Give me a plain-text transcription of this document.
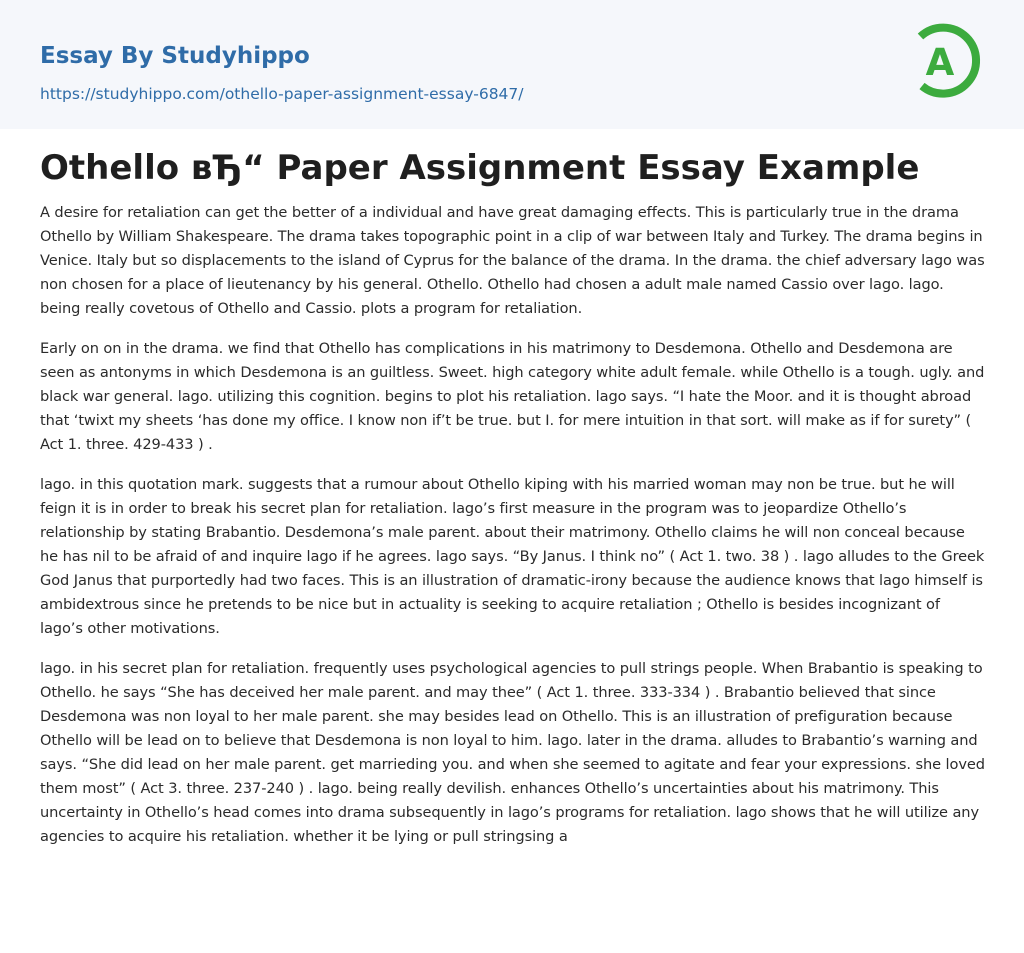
Essay By Studyhippo
https://studyhippo.com/othello-paper-assignment-essay-6847/
A
Othello вЂ“ Paper Assignment Essay Example

A desire for retaliation can get the better of a individual and have great damaging effects. This is particularly true in the drama Othello by William Shakespeare. The drama takes topographic point in a clip of war between Italy and Turkey. The drama begins in Venice. Italy but so displacements to the island of Cyprus for the balance of the drama. In the drama. the chief adversary lago was non chosen for a place of lieutenancy by his general. Othello. Othello had chosen a adult male named Cassio over lago. lago. being really covetous of Othello and Cassio. plots a program for retaliation.

Early on on in the drama. we find that Othello has complications in his matrimony to Desdemona. Othello and Desdemona are seen as antonyms in which Desdemona is an guiltless. Sweet. high category white adult female. while Othello is a tough. ugly. and black war general. lago. utilizing this cognition. begins to plot his retaliation. lago says. “I hate the Moor. and it is thought abroad that ‘twixt my sheets ‘has done my office. I know non if’t be true. but I. for mere intuition in that sort. will make as if for surety” ( Act 1. three. 429-433 ) .

lago. in this quotation mark. suggests that a rumour about Othello kiping with his married woman may non be true. but he will feign it is in order to break his secret plan for retaliation. lago’s first measure in the program was to jeopardize Othello’s relationship by stating Brabantio. Desdemona’s male parent. about their matrimony. Othello claims he will non conceal because he has nil to be afraid of and inquire lago if he agrees. lago says. “By Janus. I think no” ( Act 1. two. 38 ) . lago alludes to the Greek God Janus that purportedly had two faces. This is an illustration of dramatic-irony because the audience knows that lago himself is ambidextrous since he pretends to be nice but in actuality is seeking to acquire retaliation ; Othello is besides incognizant of lago’s other motivations.

lago. in his secret plan for retaliation. frequently uses psychological agencies to pull strings people. When Brabantio is speaking to Othello. he says “She has deceived her male parent. and may thee” ( Act 1. three. 333-334 ) . Brabantio believed that since Desdemona was non loyal to her male parent. she may besides lead on Othello. This is an illustration of prefiguration because Othello will be lead on to believe that Desdemona is non loyal to him. lago. later in the drama. alludes to Brabantio’s warning and says. “She did lead on her male parent. get marrieding you. and when she seemed to agitate and fear your expressions. she loved them most” ( Act 3. three. 237-240 ) . lago. being really devilish. enhances Othello’s uncertainties about his matrimony. This uncertainty in Othello’s head comes into drama subsequently in lago’s programs for retaliation. lago shows that he will utilize any agencies to acquire his retaliation. whether it be lying or pull stringsing a
